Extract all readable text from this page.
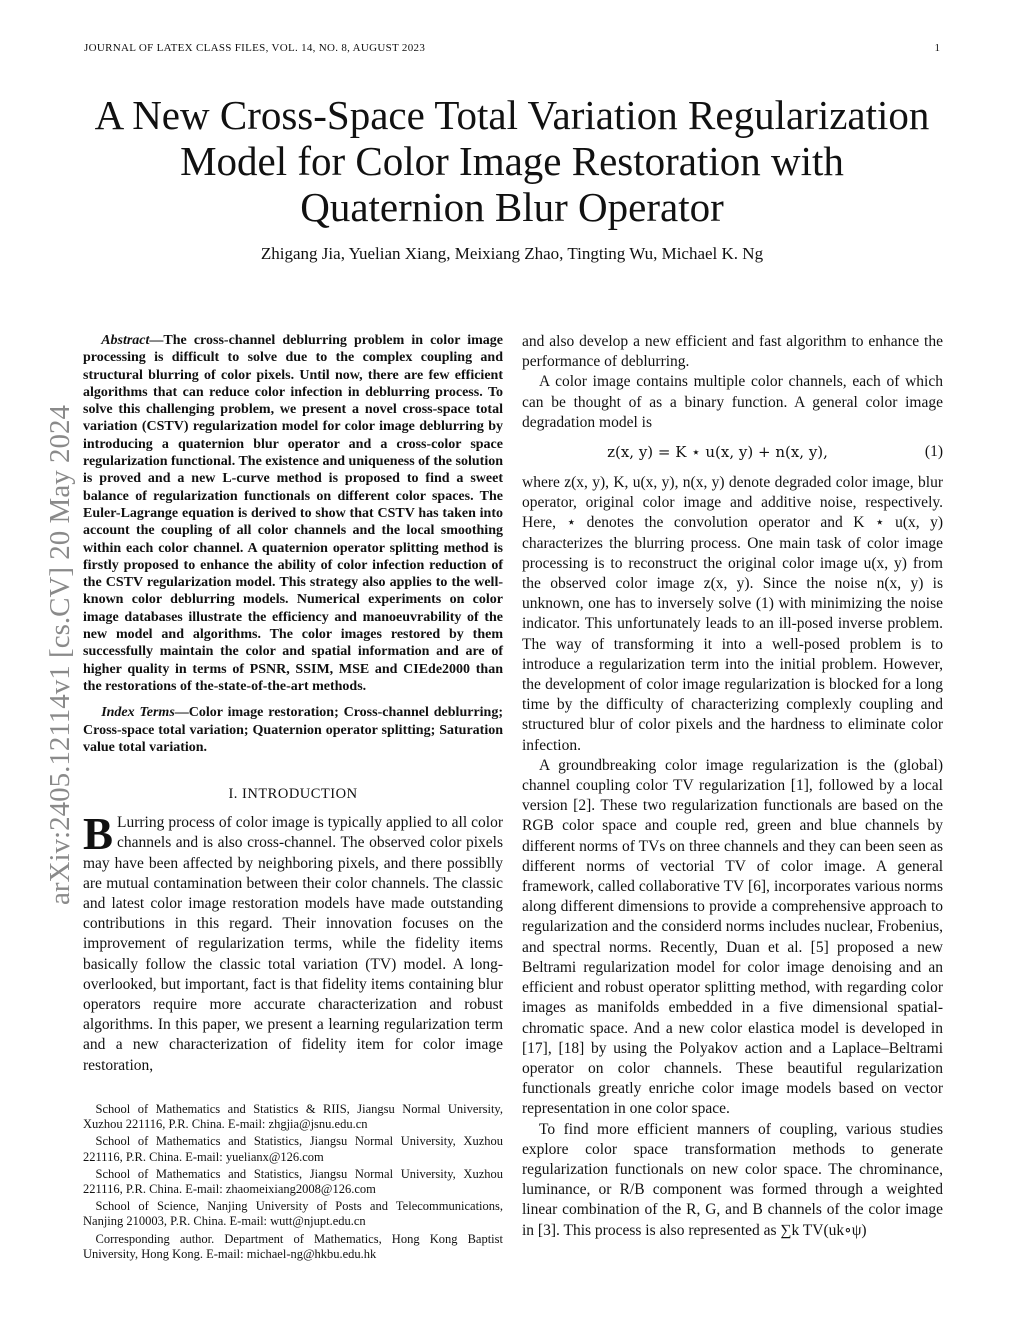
JOURNAL OF LATEX CLASS FILES, VOL. 14, NO. 8, AUGUST 2023	1
A New Cross-Space Total Variation Regularization
Model for Color Image Restoration with
Quaternion Blur Operator
Zhigang Jia, Yuelian Xiang, Meixiang Zhao, Tingting Wu, Michael K. Ng
arXiv:2405.12114v1 [cs.CV] 20 May 2024

Abstract—The cross-channel deblurring problem in color image processing is difficult to solve due to the complex coupling and structural blurring of color pixels. Until now, there are few efficient algorithms that can reduce color infection in deblurring process. To solve this challenging problem, we present a novel cross-space total variation (CSTV) regularization model for color image deblurring by introducing a quaternion blur operator and a cross-color space regularization functional. The existence and uniqueness of the solution is proved and a new L-curve method is proposed to find a sweet balance of regularization functionals on different color spaces. The Euler-Lagrange equation is derived to show that CSTV has taken into account the coupling of all color channels and the local smoothing within each color channel. A quaternion operator splitting method is firstly proposed to enhance the ability of color infection reduction of the CSTV regularization model. This strategy also applies to the well-known color deblurring models. Numerical experiments on color image databases illustrate the efficiency and manoeuvrability of the new model and algorithms. The color images restored by them successfully maintain the color and spatial information and are of higher quality in terms of PSNR, SSIM, MSE and CIEde2000 than the restorations of the-state-of-the-art methods.

Index Terms—Color image restoration; Cross-channel deblurring; Cross-space total variation; Quaternion operator splitting; Saturation value total variation.

I. INTRODUCTION

B Lurring process of color image is typically applied to all color channels and is also cross-channel. The observed color pixels may have been affected by neighboring pixels, and there possiblly are mutual contamination between their color channels. The classic and latest color image restoration models have made outstanding contributions in this regard. Their innovation focuses on the improvement of regularization terms, while the fidelity items basically follow the classic total variation (TV) model. A long-overlooked, but important, fact is that fidelity items containing blur operators require more accurate characterization and robust algorithms. In this paper, we present a learning regularization term and a new characterization of fidelity item for color image restoration,

School of Mathematics and Statistics & RIIS, Jiangsu Normal University, Xuzhou 221116, P.R. China. E-mail: zhgjia@jsnu.edu.cn

School of Mathematics and Statistics, Jiangsu Normal University, Xuzhou 221116, P.R. China. E-mail: yuelianx@126.com

School of Mathematics and Statistics, Jiangsu Normal University, Xuzhou 221116, P.R. China. E-mail: zhaomeixiang2008@126.com

School of Science, Nanjing University of Posts and Telecommunications, Nanjing 210003, P.R. China. E-mail: wutt@njupt.edu.cn

Corresponding author. Department of Mathematics, Hong Kong Baptist University, Hong Kong. E-mail: michael-ng@hkbu.edu.hk

and also develop a new efficient and fast algorithm to enhance the performance of deblurring.

A color image contains multiple color channels, each of which can be thought of as a binary function. A general color image degradation model is

z(x, y) = K ⋆ u(x, y) + n(x, y),	(1)

where z(x, y), K, u(x, y), n(x, y) denote degraded color image, blur operator, original color image and additive noise, respectively. Here, ⋆ denotes the convolution operator and K ⋆ u(x, y) characterizes the blurring process. One main task of color image processing is to reconstruct the original color image u(x, y) from the observed color image z(x, y). Since the noise n(x, y) is unknown, one has to inversely solve (1) with minimizing the noise indicator. This unfortunately leads to an ill-posed inverse problem. The way of transforming it into a well-posed problem is to introduce a regularization term into the initial problem. However, the development of color image regularization is blocked for a long time by the difficulty of characterizing complexly coupling and structured blur of color pixels and the hardness to eliminate color infection.

A groundbreaking color image regularization is the (global) channel coupling color TV regularization [1], followed by a local version [2]. These two regularization functionals are based on the RGB color space and couple red, green and blue channels by different norms of TVs on three channels and they can been seen as different norms of vectorial TV of color image. A general framework, called collaborative TV [6], incorporates various norms along different dimensions to provide a comprehensive approach to regularization and the considerd norms includes nuclear, Frobenius, and spectral norms. Recently, Duan et al. [5] proposed a new Beltrami regularization model for color image denoising and an efficient and robust operator splitting method, with regarding color images as manifolds embedded in a five dimensional spatial-chromatic space. And a new color elastica model is developed in [17], [18] by using the Polyakov action and a Laplace–Beltrami operator on color channels. These beautiful regularization functionals greatly enriche color image models based on vector representation in one color space.

To find more efficient manners of coupling, various studies explore color space transformation methods to generate regularization functionals on new color space. The chrominance, luminance, or R/B component was formed through a weighted linear combination of the R, G, and B channels of the color image in [3]. This process is also represented as ∑k TV(uk∘ψ)
